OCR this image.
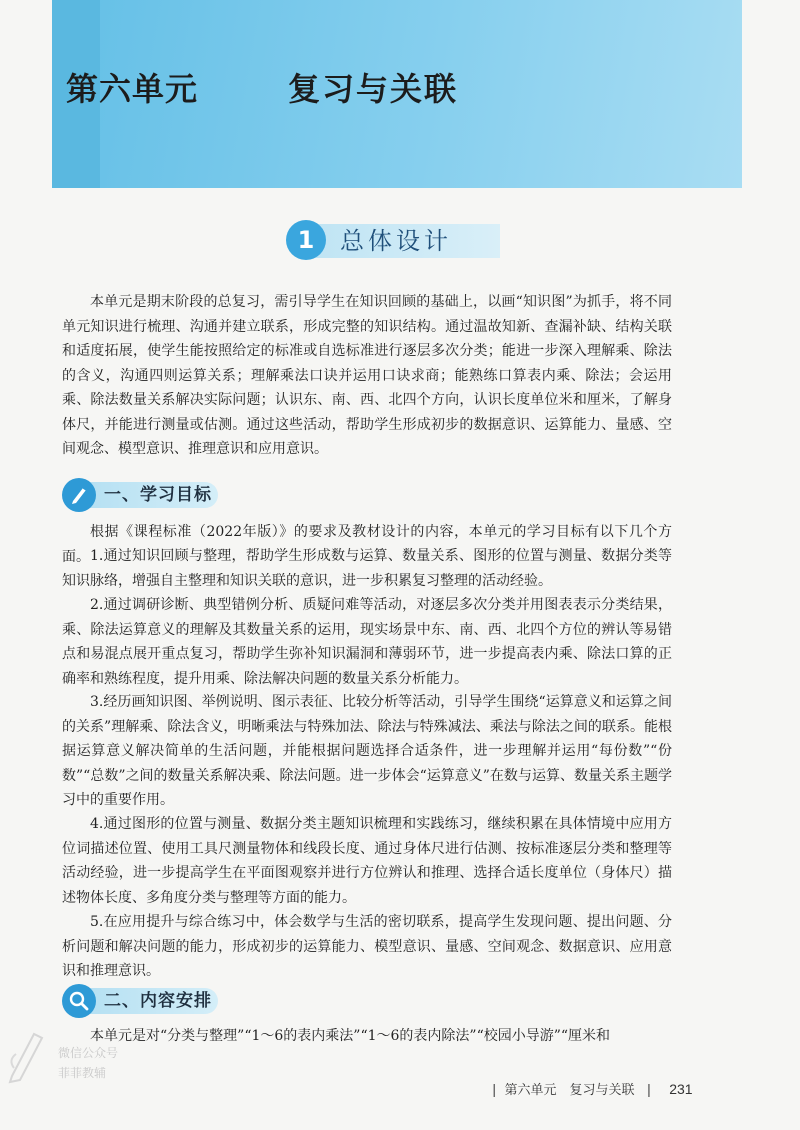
第六单元	复习与关联
1	总体设计

本单元是期末阶段的总复习，需引导学生在知识回顾的基础上，以画“知识图”为抓手，将不同单元知识进行梳理、沟通并建立联系，形成完整的知识结构。通过温故知新、查漏补缺、结构关联和适度拓展，使学生能按照给定的标准或自选标准进行逐层多次分类；能进一步深入理解乘、除法的含义，沟通四则运算关系；理解乘法口诀并运用口诀求商；能熟练口算表内乘、除法；会运用乘、除法数量关系解决实际问题；认识东、南、西、北四个方向，认识长度单位米和厘米，了解身体尺，并能进行测量或估测。通过这些活动，帮助学生形成初步的数据意识、运算能力、量感、空间观念、模型意识、推理意识和应用意识。

一、学习目标

根据《课程标准（2022年版）》的要求及教材设计的内容，本单元的学习目标有以下几个方面。 1.通过知识回顾与整理，帮助学生形成数与运算、数量关系、图形的位置与测量、数据分类等知识脉络，增强自主整理和知识关联的意识，进一步积累复习整理的活动经验。

2.通过调研诊断、典型错例分析、质疑问难等活动，对逐层多次分类并用图表表示分类结果，乘、除法运算意义的理解及其数量关系的运用，现实场景中东、南、西、北四个方位的辨认等易错点和易混点展开重点复习，帮助学生弥补知识漏洞和薄弱环节，进一步提高表内乘、除法口算的正确率和熟练程度，提升用乘、除法解决问题的数量关系分析能力。

3.经历画知识图、举例说明、图示表征、比较分析等活动，引导学生围绕“运算意义和运算之间的关系”理解乘、除法含义，明晰乘法与特殊加法、除法与特殊减法、乘法与除法之间的联系。能根据运算意义解决简单的生活问题，并能根据问题选择合适条件，进一步理解并运用“每份数”“份数”“总数”之间的数量关系解决乘、除法问题。进一步体会“运算意义”在数与运算、数量关系主题学习中的重要作用。

4.通过图形的位置与测量、数据分类主题知识梳理和实践练习，继续积累在具体情境中应用方位词描述位置、使用工具尺测量物体和线段长度、通过身体尺进行估测、按标准逐层分类和整理等活动经验，进一步提高学生在平面图观察并进行方位辨认和推理、选择合适长度单位（身体尺）描述物体长度、多角度分类与整理等方面的能力。

5.在应用提升与综合练习中，体会数学与生活的密切联系，提高学生发现问题、提出问题、分析问题和解决问题的能力，形成初步的运算能力、模型意识、量感、空间观念、数据意识、应用意识和推理意识。

二、内容安排

本单元是对“分类与整理”“1～6的表内乘法”“1～6的表内除法”“校园小导游”“厘米和

微信公众号
菲菲教辅
| 第六单元　复习与关联 | 231
